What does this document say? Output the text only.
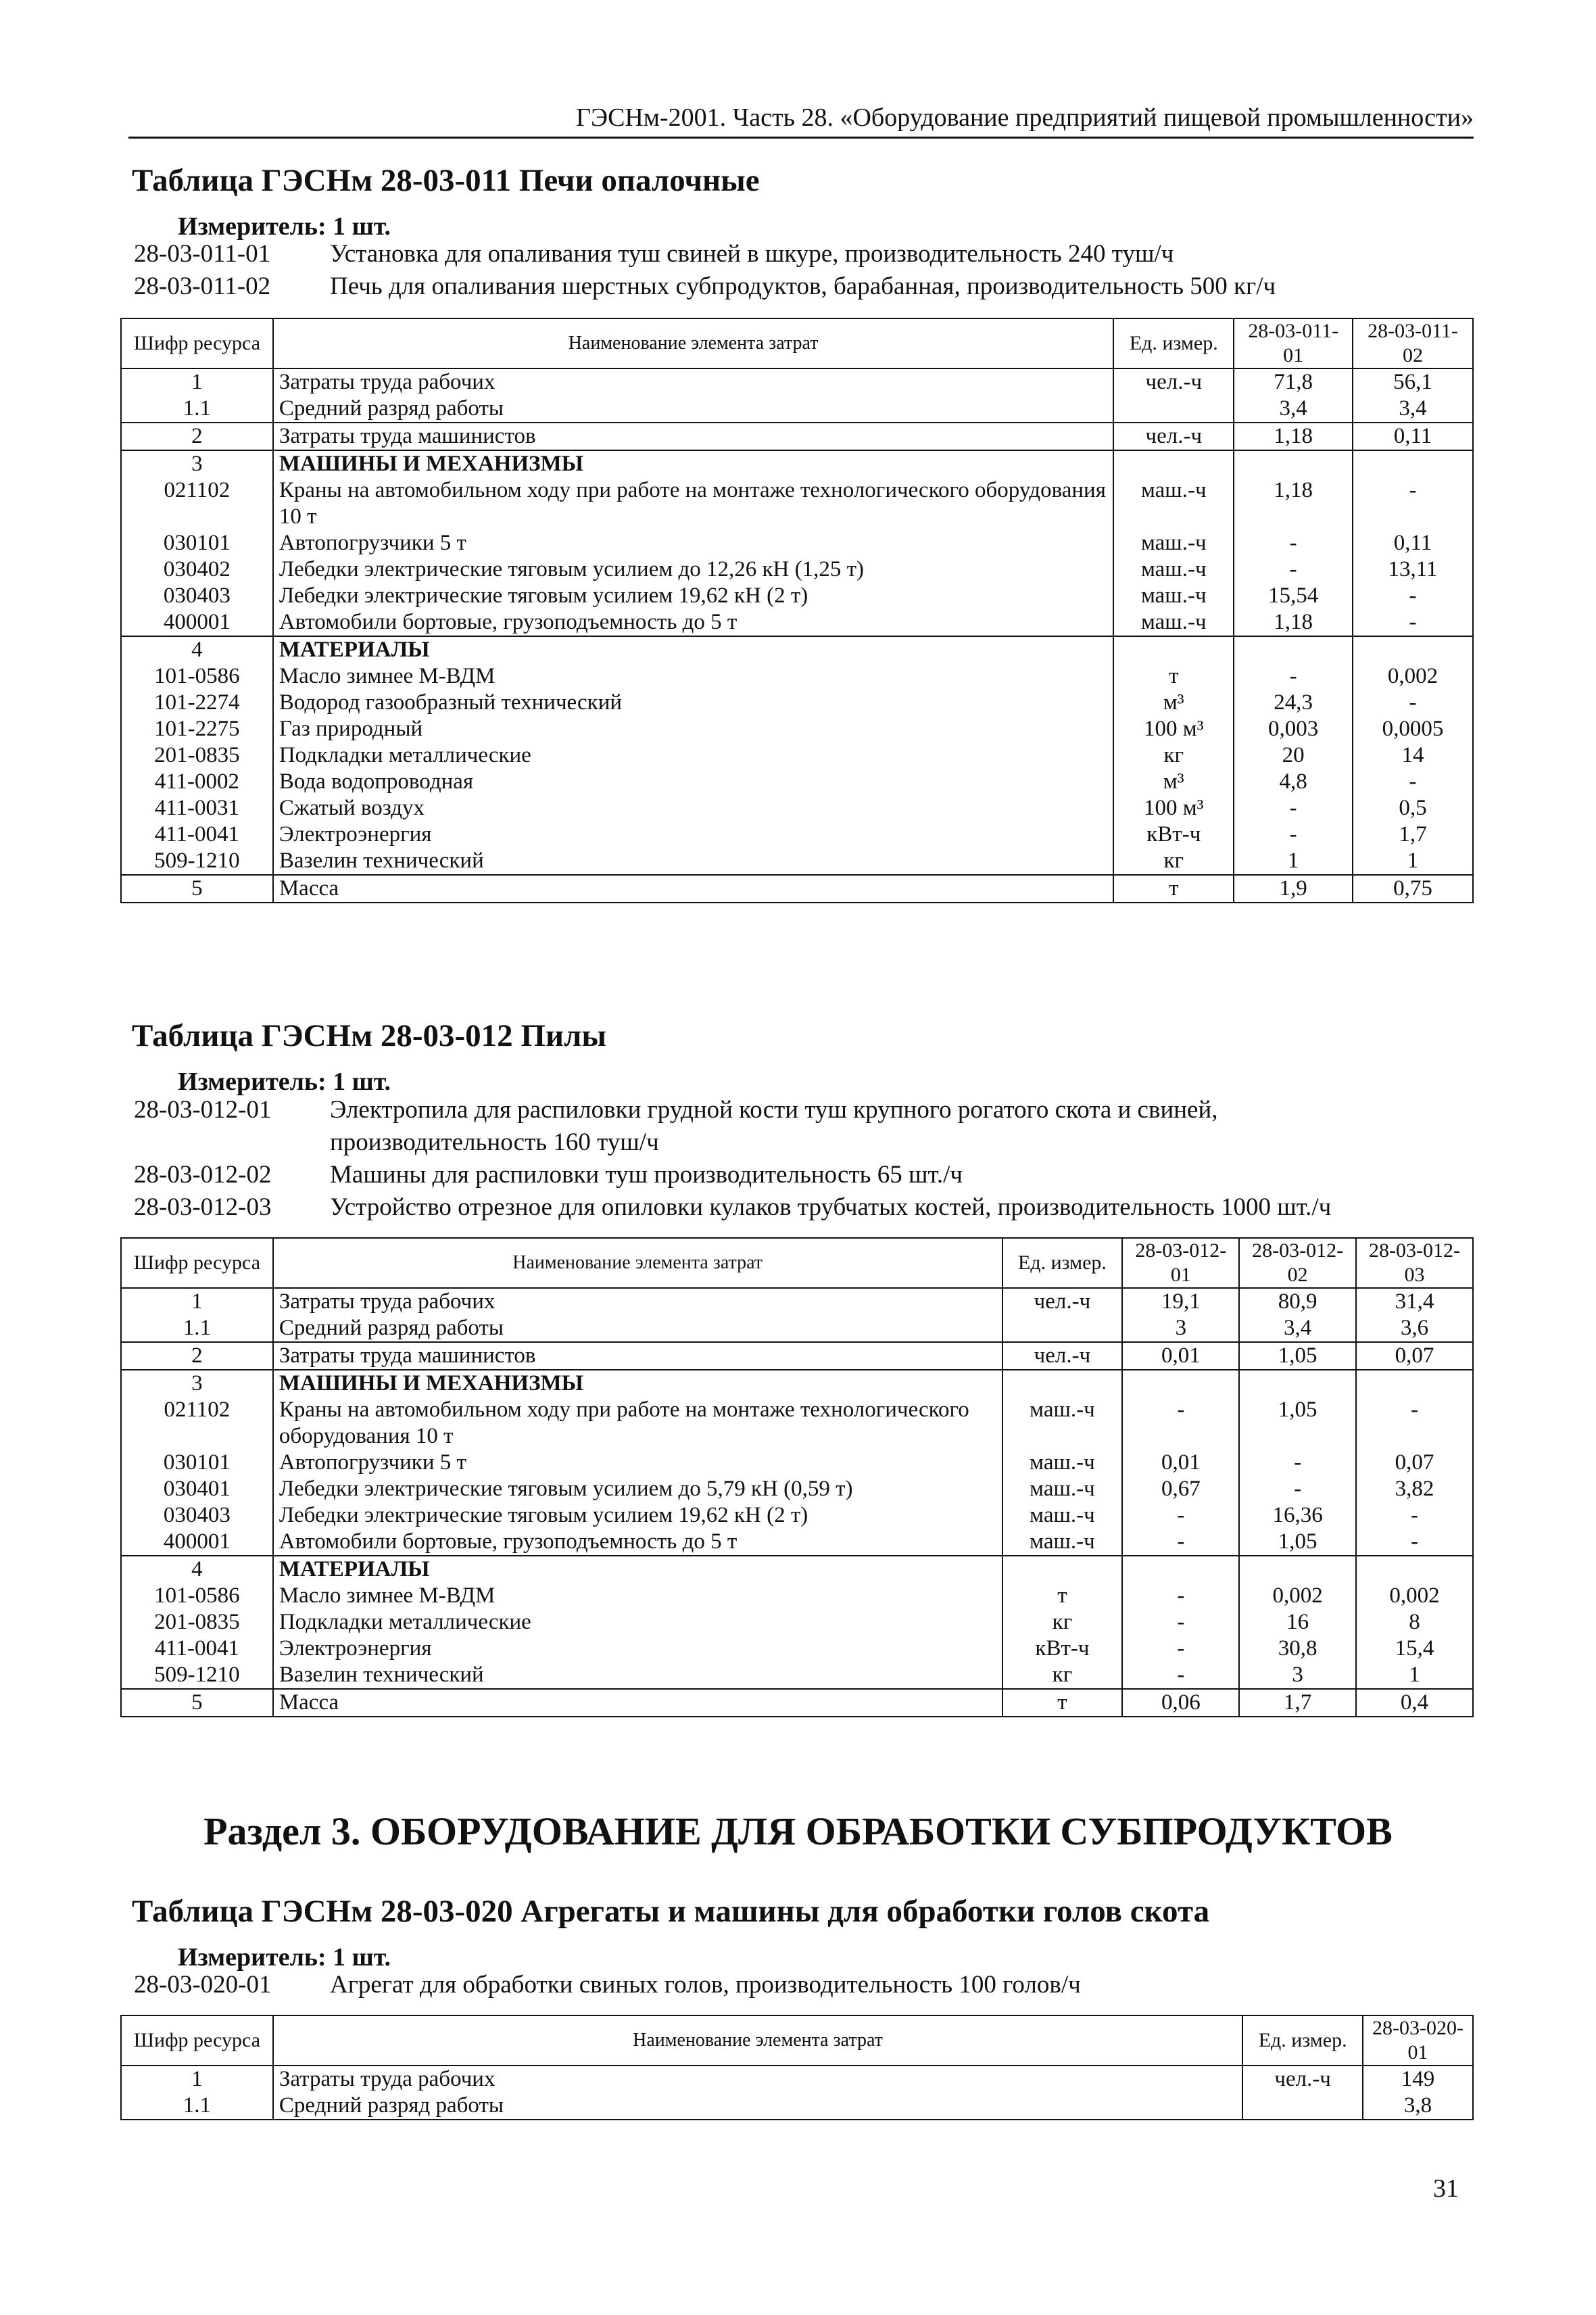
ГЭСНм-2001. Часть 28. «Оборудование предприятий пищевой промышленности»
Таблица ГЭСНм 28-03-011 Печи опалочные
Измеритель: 1 шт.
28-03-011-01 Установка для опаливания туш свиней в шкуре, производительность 240 туш/ч
28-03-011-02 Печь для опаливания шерстных субпродуктов, барабанная, производительность 500 кг/ч
Шифр ресурса	Наименование элемента затрат	Ед. измер.	28-03-011-01	28-03-011-02
1	Затраты труда рабочих	чел.-ч	71,8	56,1
1.1	Средний разряд работы		3,4	3,4
2	Затраты труда машинистов	чел.-ч	1,18	0,11
3	МАШИНЫ И МЕХАНИЗМЫ			
021102	Краны на автомобильном ходу при работе на монтаже технологического оборудования 10 т	маш.-ч	1,18	-
030101	Автопогрузчики 5 т	маш.-ч	-	0,11
030402	Лебедки электрические тяговым усилием до 12,26 кН (1,25 т)	маш.-ч	-	13,11
030403	Лебедки электрические тяговым усилием 19,62 кН (2 т)	маш.-ч	15,54	-
400001	Автомобили бортовые, грузоподъемность до 5 т	маш.-ч	1,18	-
4	МАТЕРИАЛЫ			
101-0586	Масло зимнее М-ВДМ	т	-	0,002
101-2274	Водород газообразный технический	м³	24,3	-
101-2275	Газ природный	100 м³	0,003	0,0005
201-0835	Подкладки металлические	кг	20	14
411-0002	Вода водопроводная	м³	4,8	-
411-0031	Сжатый воздух	100 м³	-	0,5
411-0041	Электроэнергия	кВт-ч	-	1,7
509-1210	Вазелин технический	кг	1	1
5	Масса	т	1,9	0,75
Таблица ГЭСНм 28-03-012 Пилы
Измеритель: 1 шт.
28-03-012-01 Электропила для распиловки грудной кости туш крупного рогатого скота и свиней, производительность 160 туш/ч
28-03-012-02 Машины для распиловки туш производительность 65 шт./ч
28-03-012-03 Устройство отрезное для опиловки кулаков трубчатых костей, производительность 1000 шт./ч
Шифр ресурса	Наименование элемента затрат	Ед. измер.	28-03-012-01	28-03-012-02	28-03-012-03
1	Затраты труда рабочих	чел.-ч	19,1	80,9	31,4
1.1	Средний разряд работы		3	3,4	3,6
2	Затраты труда машинистов	чел.-ч	0,01	1,05	0,07
3	МАШИНЫ И МЕХАНИЗМЫ				
021102	Краны на автомобильном ходу при работе на монтаже технологического оборудования 10 т	маш.-ч	-	1,05	-
030101	Автопогрузчики 5 т	маш.-ч	0,01	-	0,07
030401	Лебедки электрические тяговым усилием до 5,79 кН (0,59 т)	маш.-ч	0,67	-	3,82
030403	Лебедки электрические тяговым усилием 19,62 кН (2 т)	маш.-ч	-	16,36	-
400001	Автомобили бортовые, грузоподъемность до 5 т	маш.-ч	-	1,05	-
4	МАТЕРИАЛЫ				
101-0586	Масло зимнее М-ВДМ	т	-	0,002	0,002
201-0835	Подкладки металлические	кг	-	16	8
411-0041	Электроэнергия	кВт-ч	-	30,8	15,4
509-1210	Вазелин технический	кг	-	3	1
5	Масса	т	0,06	1,7	0,4
Раздел 3. ОБОРУДОВАНИЕ ДЛЯ ОБРАБОТКИ СУБПРОДУКТОВ
Таблица ГЭСНм 28-03-020 Агрегаты и машины для обработки голов скота
Измеритель: 1 шт.
28-03-020-01 Агрегат для обработки свиных голов, производительность 100 голов/ч
Шифр ресурса	Наименование элемента затрат	Ед. измер.	28-03-020-01
1	Затраты труда рабочих	чел.-ч	149
1.1	Средний разряд работы		3,8
31
